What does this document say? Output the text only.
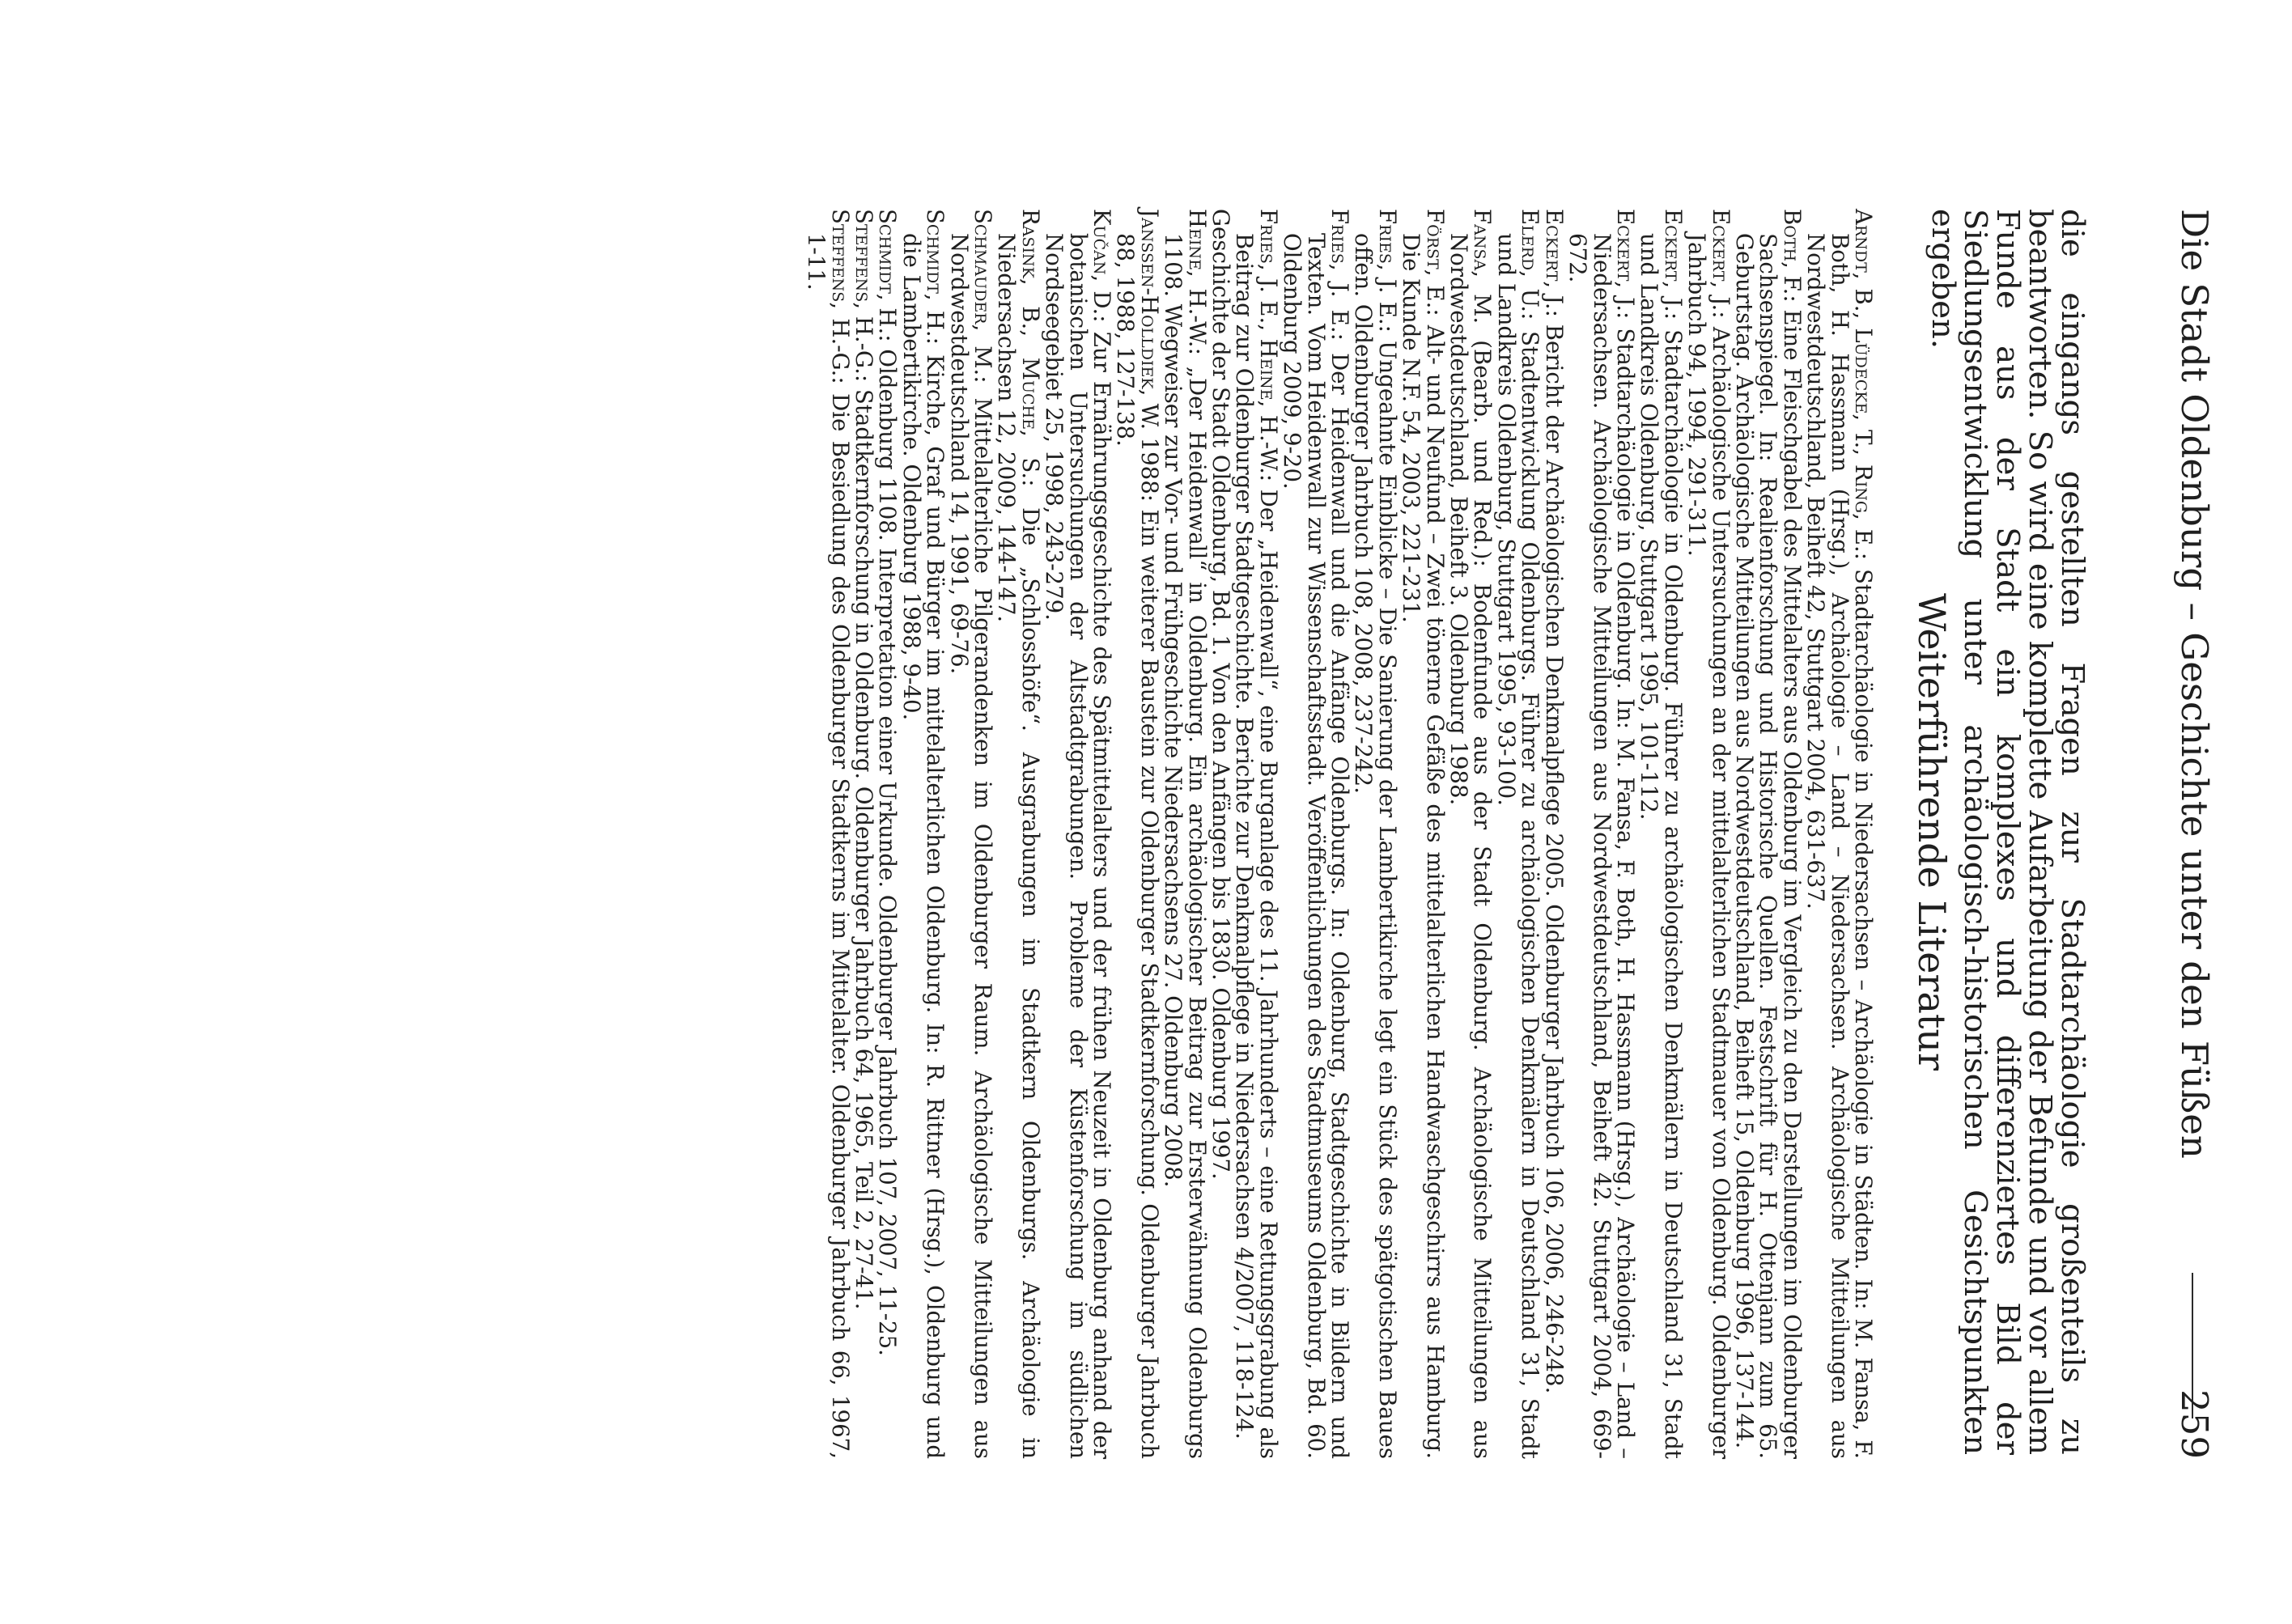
Die Stadt Oldenburg – Geschichte unter den Füßen
259

die eingangs gestellten Fragen zur Stadtarchäologie großenteils zu beantworten. So wird eine komplette Aufarbeitung der Befunde und vor allem Funde aus der Stadt ein komplexes und differenziertes Bild der Siedlungsentwicklung unter archäologisch-historischen Gesichtspunkten ergeben.

Weiterführende Literatur

Arndt, B., Lüdecke, T., Ring, E.: Stadtarchäologie in Niedersachsen – Archäologie in Städten. In: M. Fansa, F. Both, H. Hassmann (Hrsg.), Archäologie – Land – Niedersachsen. Archäologische Mitteilungen aus Nordwestdeutschland, Beiheft 42, Stuttgart 2004, 631-637.

Both, F.: Eine Fleischgabel des Mittelalters aus Oldenburg im Vergleich zu den Darstellungen im Oldenburger Sachsenspiegel. In: Realienforschung und Historische Quellen. Festschrift für H. Ottenjann zum 65. Geburtstag. Archäologische Mitteilungen aus Nordwestdeutschland, Beiheft 15, Oldenburg 1996, 137-144.

Eckert, J.: Archäologische Untersuchungen an der mittelalterlichen Stadtmauer von Oldenburg. Oldenburger Jahrbuch 94, 1994, 291-311.

Eckert, J.: Stadtarchäologie in Oldenburg. Führer zu archäologischen Denkmälern in Deutschland 31, Stadt und Landkreis Oldenburg, Stuttgart 1995, 101-112.

Eckert, J.: Stadtarchäologie in Oldenburg. In: M. Fansa, F. Both, H. Hassmann (Hrsg.), Archäologie – Land – Niedersachsen. Archäologische Mitteilungen aus Nordwestdeutschland, Beiheft 42. Stuttgart 2004, 669-672.

Eckert, J.: Bericht der Archäologischen Denkmalpflege 2005. Oldenburger Jahrbuch 106, 2006, 246-248.

Elerd, U.: Stadtentwicklung Oldenburgs. Führer zu archäologischen Denkmälern in Deutschland 31, Stadt und Landkreis Oldenburg, Stuttgart 1995, 93-100.

Fansa, M. (Bearb. und Red.): Bodenfunde aus der Stadt Oldenburg. Archäologische Mitteilungen aus Nordwestdeutschland, Beiheft 3. Oldenburg 1988.

Först, E.: Alt- und Neufund – Zwei tönerne Gefäße des mittelalterlichen Handwaschgeschirrs aus Hamburg. Die Kunde N.F. 54, 2003, 221-231.

Fries, J. E.: Ungeahnte Einblicke – Die Sanierung der Lambertikirche legt ein Stück des spätgotischen Baues offen. Oldenburger Jahrbuch 108, 2008, 237-242.

Fries, J. E.: Der Heidenwall und die Anfänge Oldenburgs. In: Oldenburg, Stadtgeschichte in Bildern und Texten. Vom Heidenwall zur Wissenschaftsstadt. Veröffentlichungen des Stadtmuseums Oldenburg, Bd. 60. Oldenburg 2009, 9-20.

Fries, J. E., Heine, H.-W.: Der „Heidenwall“, eine Burganlage des 11. Jahrhunderts – eine Rettungsgrabung als Beitrag zur Oldenburger Stadtgeschichte. Berichte zur Denkmalpflege in Niedersachsen 4/2007, 118-124.

Geschichte der Stadt Oldenburg, Bd. 1. Von den Anfängen bis 1830. Oldenburg 1997.

Heine, H.-W.: „Der Heidenwall“ in Oldenburg. Ein archäologischer Beitrag zur Ersterwähnung Oldenburgs 1108. Wegweiser zur Vor- und Frühgeschichte Niedersachsens 27. Oldenburg 2008.

Janssen-Holldiek, W. 1988: Ein weiterer Baustein zur Oldenburger Stadtkernforschung. Oldenburger Jahrbuch 88, 1988, 127-138.

Kučan, D.: Zur Ernährungsgeschichte des Spätmittelalters und der frühen Neuzeit in Oldenburg anhand der botanischen Untersuchungen der Altstadtgrabungen. Probleme der Küstenforschung im südlichen Nordseegebiet 25, 1998, 243-279.

Rasink, B., Muche, S.: Die „Schlosshöfe“. Ausgrabungen im Stadtkern Oldenburgs. Archäologie in Niedersachsen 12, 2009, 144-147.

Schmauder, M.: Mittelalterliche Pilgerandenken im Oldenburger Raum. Archäologische Mitteilungen aus Nordwestdeutschland 14, 1991, 69-76.

Schmidt, H.: Kirche, Graf und Bürger im mittelalterlichen Oldenburg. In: R. Rittner (Hrsg.), Oldenburg und die Lambertikirche. Oldenburg 1988, 9-40.

Schmidt, H.: Oldenburg 1108. Interpretation einer Urkunde. Oldenburger Jahrbuch 107, 2007, 11-25.

Steffens, H.-G.: Stadtkernforschung in Oldenburg. Oldenburger Jahrbuch 64, 1965, Teil 2, 27-41.

Steffens, H.-G.: Die Besiedlung des Oldenburger Stadtkerns im Mittelalter. Oldenburger Jahrbuch 66, 1967, 1-11.
